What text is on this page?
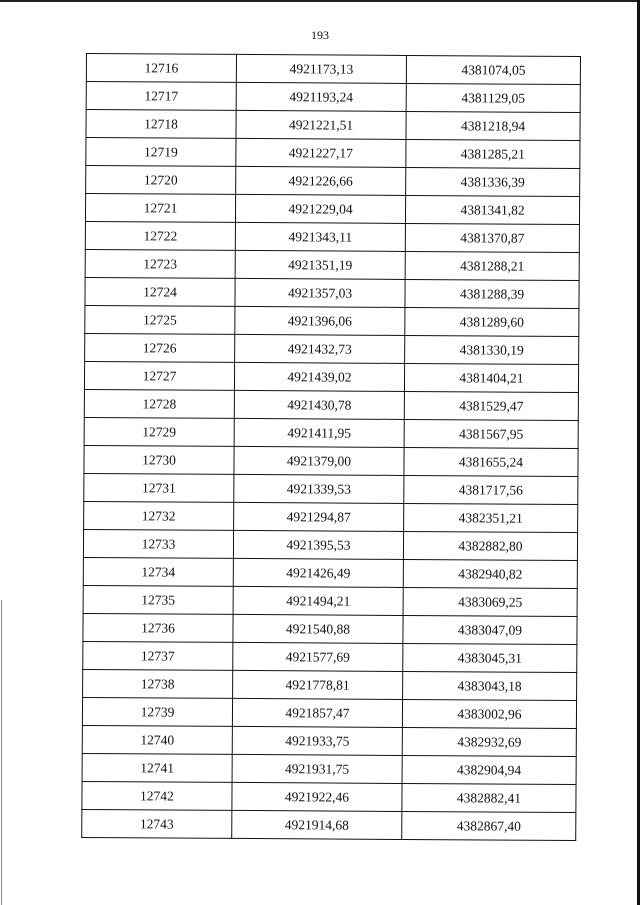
193
12716	4921173,13	4381074,05
12717	4921193,24	4381129,05
12718	4921221,51	4381218,94
12719	4921227,17	4381285,21
12720	4921226,66	4381336,39
12721	4921229,04	4381341,82
12722	4921343,11	4381370,87
12723	4921351,19	4381288,21
12724	4921357,03	4381288,39
12725	4921396,06	4381289,60
12726	4921432,73	4381330,19
12727	4921439,02	4381404,21
12728	4921430,78	4381529,47
12729	4921411,95	4381567,95
12730	4921379,00	4381655,24
12731	4921339,53	4381717,56
12732	4921294,87	4382351,21
12733	4921395,53	4382882,80
12734	4921426,49	4382940,82
12735	4921494,21	4383069,25
12736	4921540,88	4383047,09
12737	4921577,69	4383045,31
12738	4921778,81	4383043,18
12739	4921857,47	4383002,96
12740	4921933,75	4382932,69
12741	4921931,75	4382904,94
12742	4921922,46	4382882,41
12743	4921914,68	4382867,40
